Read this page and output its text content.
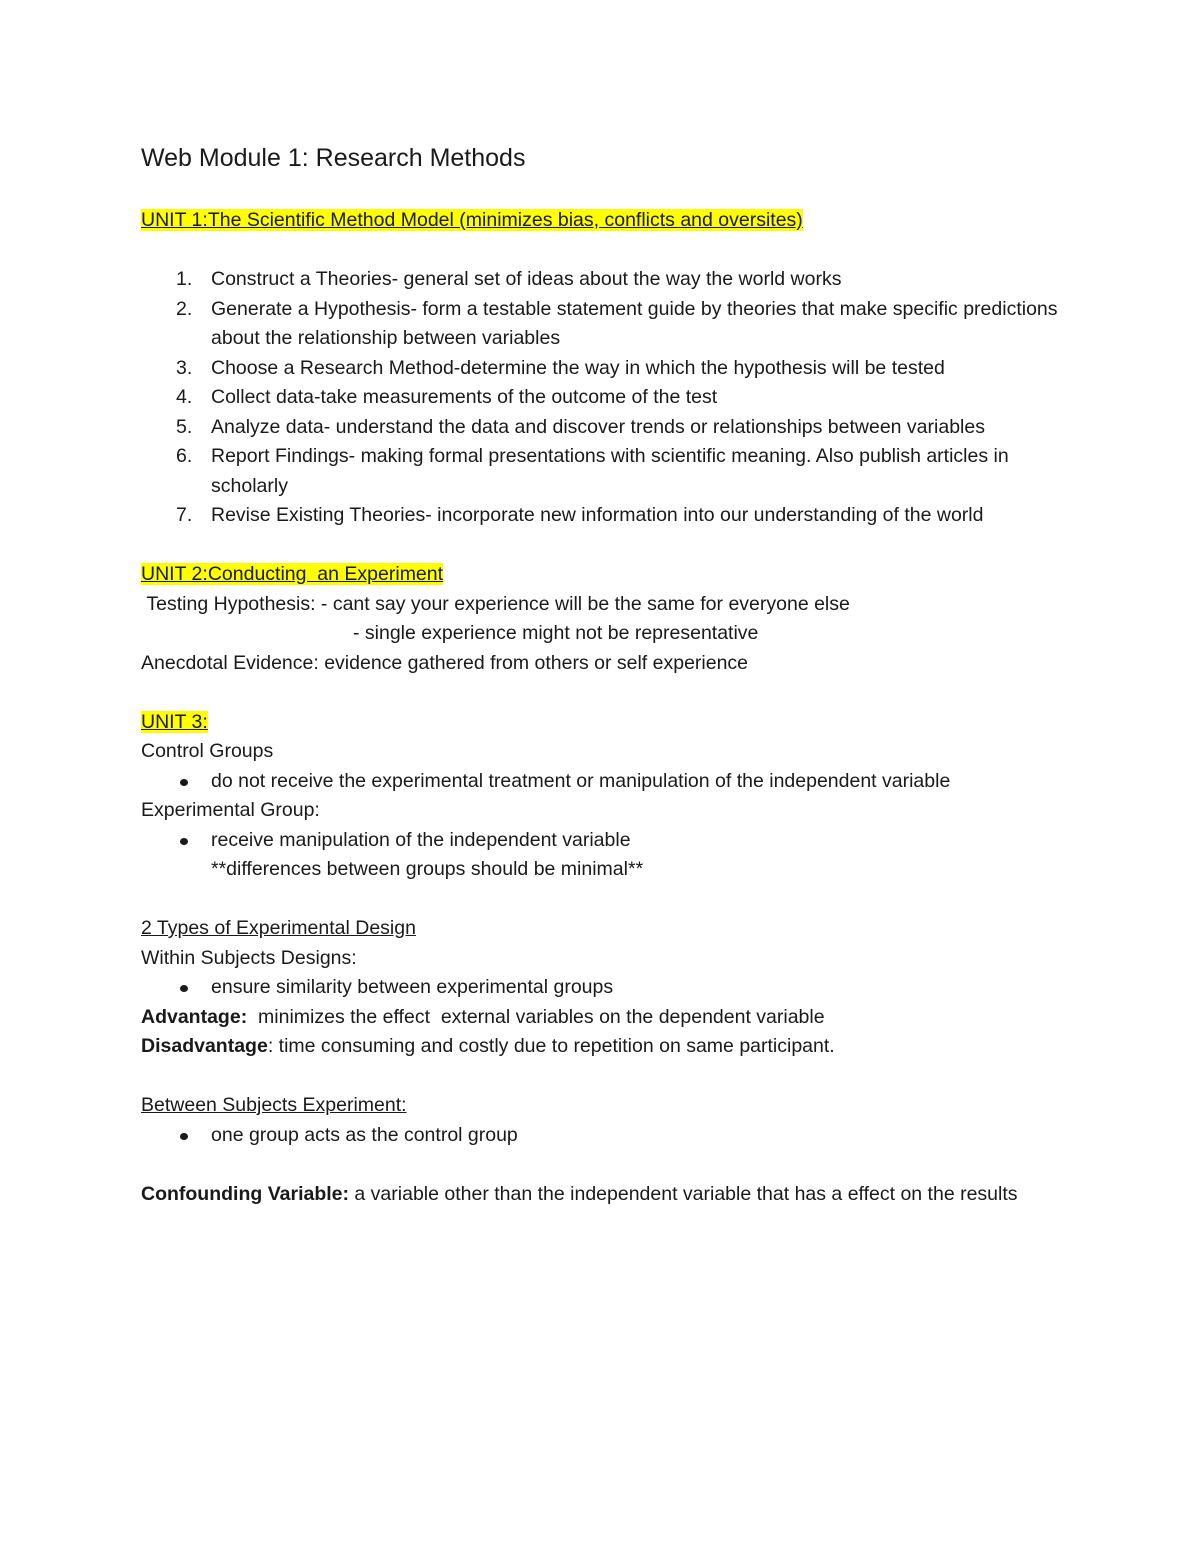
Web Module 1: Research Methods

UNIT 1:The Scientific Method Model (minimizes bias, conflicts and oversites)

1. Construct a Theories- general set of ideas about the way the world works
2. Generate a Hypothesis- form a testable statement guide by theories that make specific predictions about the relationship between variables
3. Choose a Research Method-determine the way in which the hypothesis will be tested
4. Collect data-take measurements of the outcome of the test
5. Analyze data- understand the data and discover trends or relationships between variables
6. Report Findings- making formal presentations with scientific meaning. Also publish articles in scholarly
7. Revise Existing Theories- incorporate new information into our understanding of the world

UNIT 2:Conducting  an Experiment

Testing Hypothesis: - cant say your experience will be the same for everyone else

- single experience might not be representative

Anecdotal Evidence: evidence gathered from others or self experience

UNIT 3:

Control Groups

do not receive the experimental treatment or manipulation of the independent variable

Experimental Group:

receive manipulation of the independent variable

**differences between groups should be minimal**

2 Types of Experimental Design

Within Subjects Designs:

ensure similarity between experimental groups

Advantage:  minimizes the effect  external variables on the dependent variable

Disadvantage: time consuming and costly due to repetition on same participant.

Between Subjects Experiment:

one group acts as the control group

Confounding Variable: a variable other than the independent variable that has a effect on the results
